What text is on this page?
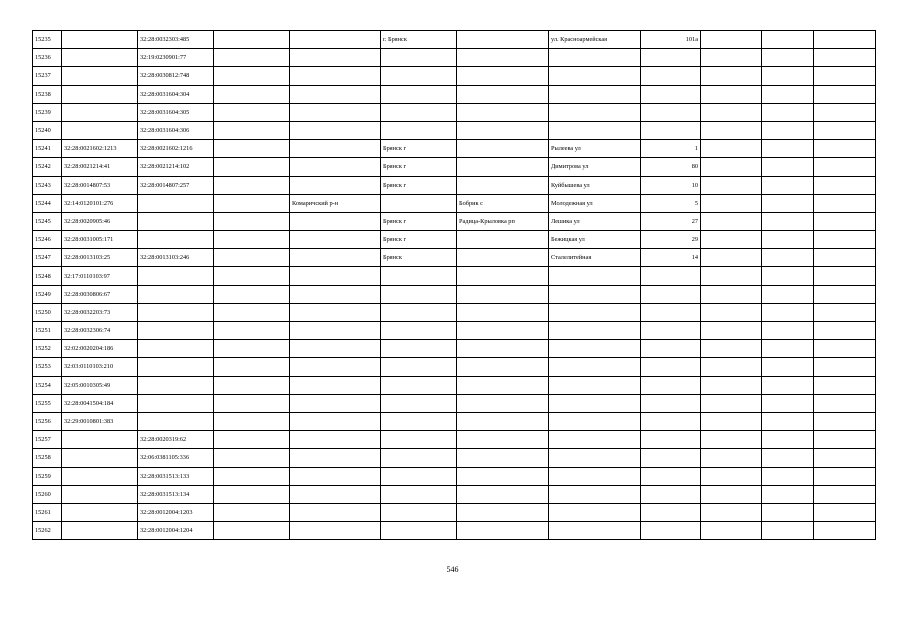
15235		32:28:0032303:485			г. Брянск		ул. Красноармейская	101а			
15236		32:19:0230901:77									
15237		32:28:0030812:748									
15238		32:28:0031604:304									
15239		32:28:0031604:305									
15240		32:28:0031604:306									
15241	32:28:0021602:1213	32:28:0021602:1216			Брянск г		Рылеева ул	1			
15242	32:28:0021214:41	32:28:0021214:102			Брянск г		Димитрова ул	80			
15243	32:28:0014807:53	32:28:0014807:257			Брянск г		Куйбышева ул	10			
15244	32:14:0120101:276			Комаричский р-н		Бобрик с	Молодежная ул	5			
15245	32:28:0020905:46				Брянск г	Радица-Крыловка рп	Лешика ул	27			
15246	32:28:0031005:171				Брянск г		Бежицкая ул	29			
15247	32:28:0013103:25	32:28:0013103:246			Брянск		Сталелитейная	14			
15248	32:17:0110103:97										
15249	32:28:0030806:67										
15250	32:28:0032203:73										
15251	32:28:0032306:74										
15252	32:02:0020204:186										
15253	32:03:0110103:210										
15254	32:05:0010305:49										
15255	32:28:0041504:184										
15256	32:29:0010801:383										
15257		32:28:0020319:62									
15258		32:06:0381105:336									
15259		32:28:0031513:133									
15260		32:28:0031513:134									
15261		32:28:0012004:1203									
15262		32:28:0012004:1204									
546
